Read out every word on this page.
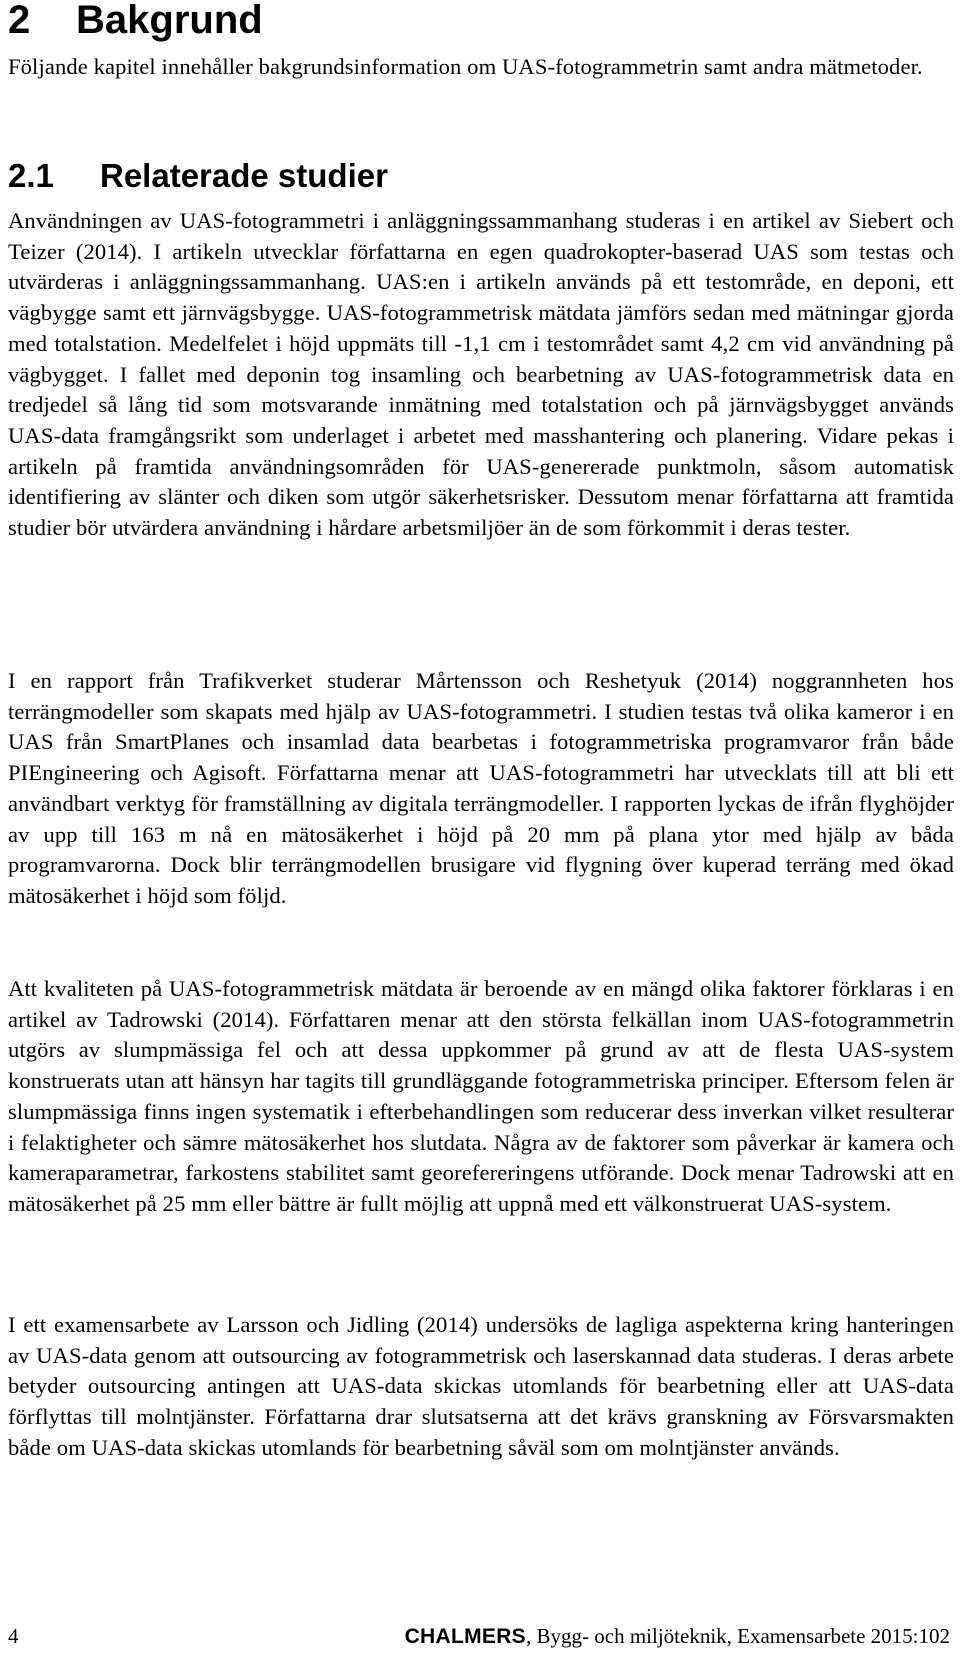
2 Bakgrund

Följande kapitel innehåller bakgrundsinformation om UAS-fotogrammetrin samt andra mätmetoder.

2.1 Relaterade studier

Användningen av UAS-fotogrammetri i anläggningssammanhang studeras i en artikel av Siebert och Teizer (2014). I artikeln utvecklar författarna en egen quadrokopter-baserad UAS som testas och utvärderas i anläggningssammanhang. UAS:en i artikeln används på ett testområde, en deponi, ett vägbygge samt ett järnvägsbygge. UAS-fotogrammetrisk mätdata jämförs sedan med mätningar gjorda med totalstation. Medelfelet i höjd uppmäts till -1,1 cm i testområdet samt 4,2 cm vid användning på vägbygget. I fallet med deponin tog insamling och bearbetning av UAS-fotogrammetrisk data en tredjedel så lång tid som motsvarande inmätning med totalstation och på järnvägsbygget används UAS-data framgångsrikt som underlaget i arbetet med masshantering och planering. Vidare pekas i artikeln på framtida användningsområden för UAS-genererade punktmoln, såsom automatisk identifiering av slänter och diken som utgör säkerhetsrisker. Dessutom menar författarna att framtida studier bör utvärdera användning i hårdare arbetsmiljöer än de som förkommit i deras tester.

I en rapport från Trafikverket studerar Mårtensson och Reshetyuk (2014) noggrannheten hos terrängmodeller som skapats med hjälp av UAS-fotogrammetri. I studien testas två olika kameror i en UAS från SmartPlanes och insamlad data bearbetas i fotogrammetriska programvaror från både PIEngineering och Agisoft. Författarna menar att UAS-fotogrammetri har utvecklats till att bli ett användbart verktyg för framställning av digitala terrängmodeller. I rapporten lyckas de ifrån flyghöjder av upp till 163 m nå en mätosäkerhet i höjd på 20 mm på plana ytor med hjälp av båda programvarorna. Dock blir terrängmodellen brusigare vid flygning över kuperad terräng med ökad mätosäkerhet i höjd som följd.

Att kvaliteten på UAS-fotogrammetrisk mätdata är beroende av en mängd olika faktorer förklaras i en artikel av Tadrowski (2014). Författaren menar att den största felkällan inom UAS-fotogrammetrin utgörs av slumpmässiga fel och att dessa uppkommer på grund av att de flesta UAS-system konstruerats utan att hänsyn har tagits till grundläggande fotogrammetriska principer. Eftersom felen är slumpmässiga finns ingen systematik i efterbehandlingen som reducerar dess inverkan vilket resulterar i felaktigheter och sämre mätosäkerhet hos slutdata. Några av de faktorer som påverkar är kamera och kameraparametrar, farkostens stabilitet samt georefereringens utförande. Dock menar Tadrowski att en mätosäkerhet på 25 mm eller bättre är fullt möjlig att uppnå med ett välkonstruerat UAS-system.

I ett examensarbete av Larsson och Jidling (2014) undersöks de lagliga aspekterna kring hanteringen av UAS-data genom att outsourcing av fotogrammetrisk och laserskannad data studeras. I deras arbete betyder outsourcing antingen att UAS-data skickas utomlands för bearbetning eller att UAS-data förflyttas till molntjänster. Författarna drar slutsatserna att det krävs granskning av Försvarsmakten både om UAS-data skickas utomlands för bearbetning såväl som om molntjänster används.

4	CHALMERS, Bygg- och miljöteknik, Examensarbete 2015:102
